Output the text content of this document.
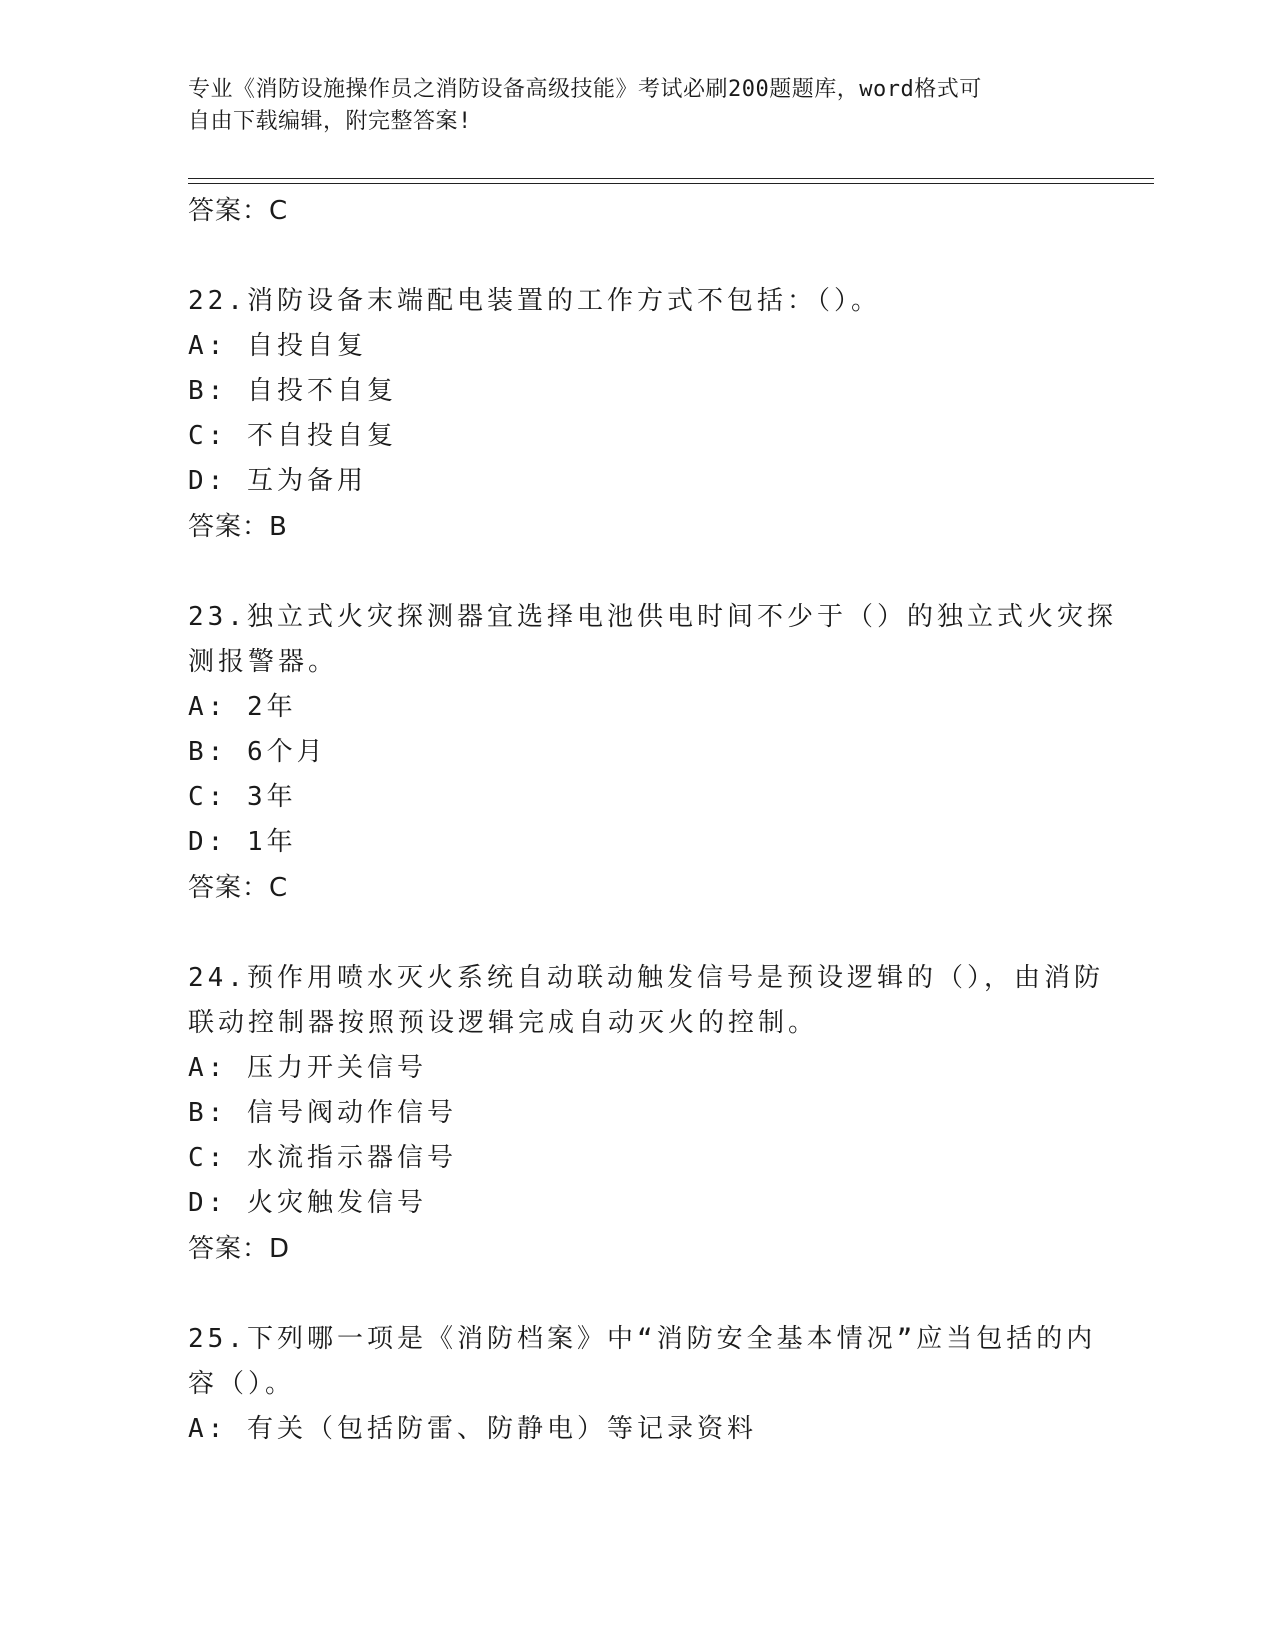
专业《消防设施操作员之消防设备高级技能》考试必刷200题题库，word格式可
自由下载编辑，附完整答案!
答案：C
22.消防设备末端配电装置的工作方式不包括：（）。
A: 自投自复
B: 自投不自复
C: 不自投自复
D: 互为备用
答案：B
23.独立式火灾探测器宜选择电池供电时间不少于（）的独立式火灾探
测报警器。
A: 2年
B: 6个月
C: 3年
D: 1年
答案：C
24.预作用喷水灭火系统自动联动触发信号是预设逻辑的（），由消防
联动控制器按照预设逻辑完成自动灭火的控制。
A: 压力开关信号
B: 信号阀动作信号
C: 水流指示器信号
D: 火灾触发信号
答案：D
25.下列哪一项是《消防档案》中“消防安全基本情况”应当包括的内
容（）。
A: 有关（包括防雷、防静电）等记录资料
